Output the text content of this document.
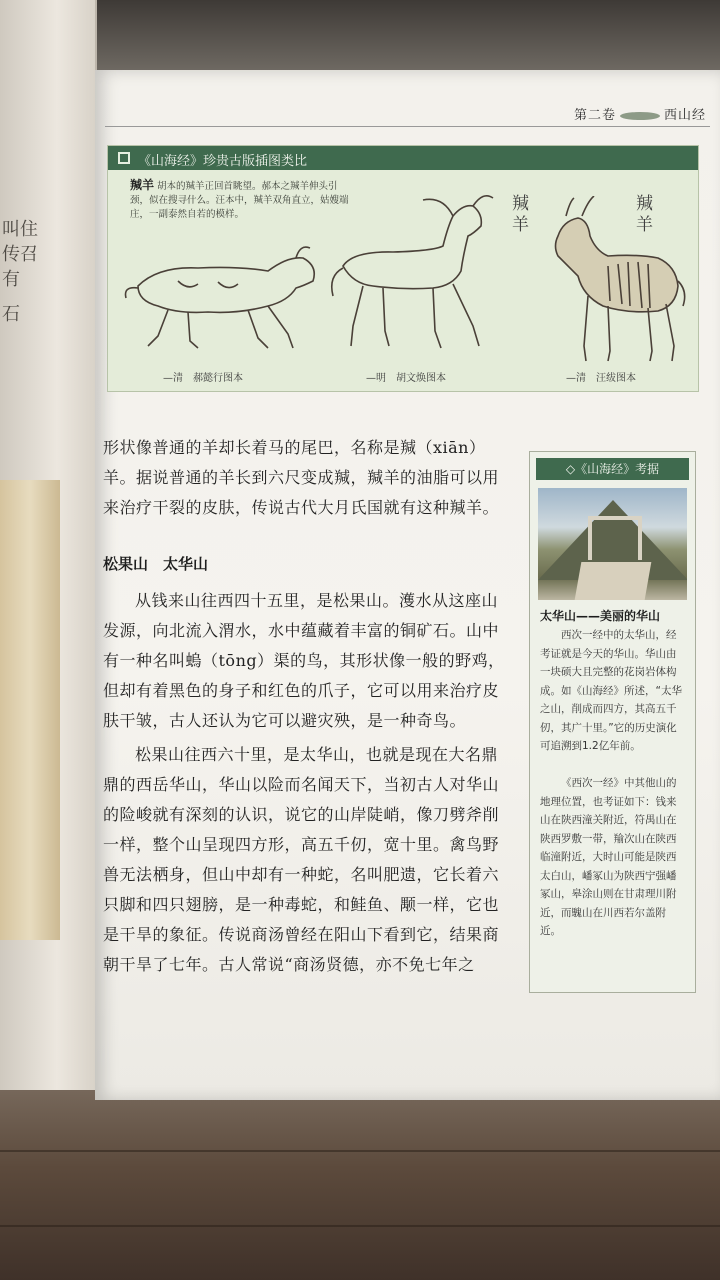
叫住
传召
石
有
第二卷	西山经
《山海经》珍贵古版插图类比
羬羊 胡本的羬羊正回首眺望。郝本之羬羊伸头引颈，似在搜寻什么。汪本中，羬羊双角直立，姑嫂端庄，一副泰然自若的模样。	羬羊	羬羊
—清　郝懿行图本	—明　胡文焕图本	—清　汪绂图本
形状像普通的羊却长着马的尾巴，名称是羬（xiān）羊。据说普通的羊长到六尺变成羬，羬羊的油脂可以用来治疗干裂的皮肤，传说古代大月氏国就有这种羬羊。
松果山　太华山
从钱来山往西四十五里，是松果山。濩水从这座山发源，向北流入渭水，水中蕴藏着丰富的铜矿石。山中有一种名叫螐（tōng）渠的鸟，其形状像一般的野鸡，但却有着黑色的身子和红色的爪子，它可以用来治疗皮肤干皱，古人还认为它可以避灾殃，是一种奇鸟。
松果山往西六十里，是太华山，也就是现在大名鼎鼎的西岳华山，华山以险而名闻天下，当初古人对华山的险峻就有深刻的认识，说它的山岸陡峭，像刀劈斧削一样，整个山呈现四方形，高五千仞，宽十里。禽鸟野兽无法栖身，但山中却有一种蛇，名叫肥遗，它长着六只脚和四只翅膀，是一种毒蛇，和鲑鱼、颙一样，它也是干旱的象征。传说商汤曾经在阳山下看到它，结果商朝干旱了七年。古人常说“商汤贤德，亦不免七年之
◇《山海经》考据
太华山——美丽的华山
西次一经中的太华山，经考证就是今天的华山。华山由一块硕大且完整的花岗岩体构成。如《山海经》所述，“太华之山，削成而四方，其高五千仞，其广十里。”它的历史演化可追溯到1.2亿年前。
《西次一经》中其他山的地理位置，也考证如下：钱来山在陕西潼关附近，符禺山在陕西罗敷一带，羭次山在陕西临潼附近，大时山可能是陕西太白山，嶓冢山为陕西宁强嶓冢山，皋涂山则在甘肃理川附近，而騩山在川西若尔盖附近。
